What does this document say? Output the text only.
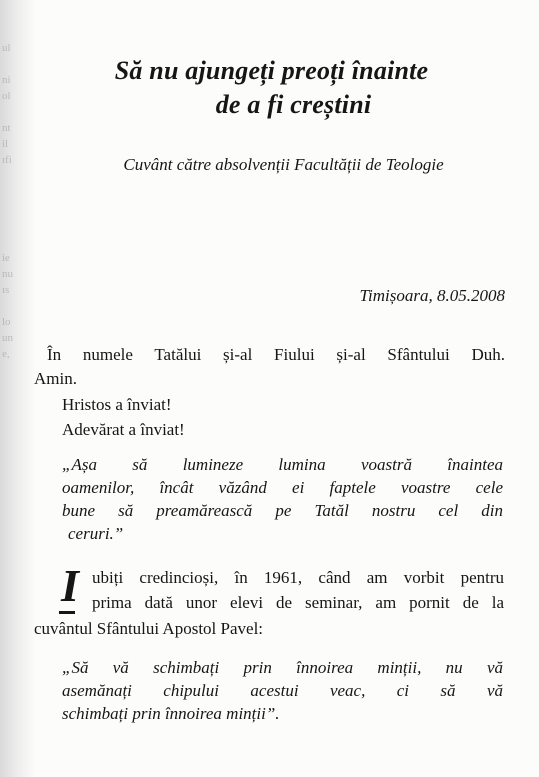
ul

ni
ol

nt
il
ıfi
ie
nu
ıs

lo
un
e,
Să nu ajungeți preoți înainte
de a fi creștini
Cuvânt către absolvenții Facultății de Teologie
Timișoara, 8.05.2008
În numele Tatălui și-al Fiului și-al Sfântului Duh.
Amin.
Hristos a înviat!
Adevărat a înviat!
„Așa să lumineze lumina voastră înaintea
oamenilor, încât văzând ei faptele voastre cele
bune să preamărească pe Tatăl nostru cel din
ceruri.”
I ubiți credincioși, în 1961, când am vorbit pentru
prima dată unor elevi de seminar, am pornit de la
cuvântul Sfântului Apostol Pavel:
„Să vă schimbați prin înnoirea minții, nu vă
asemănați chipului acestui veac, ci să vă
schimbați prin înnoirea minții”.
